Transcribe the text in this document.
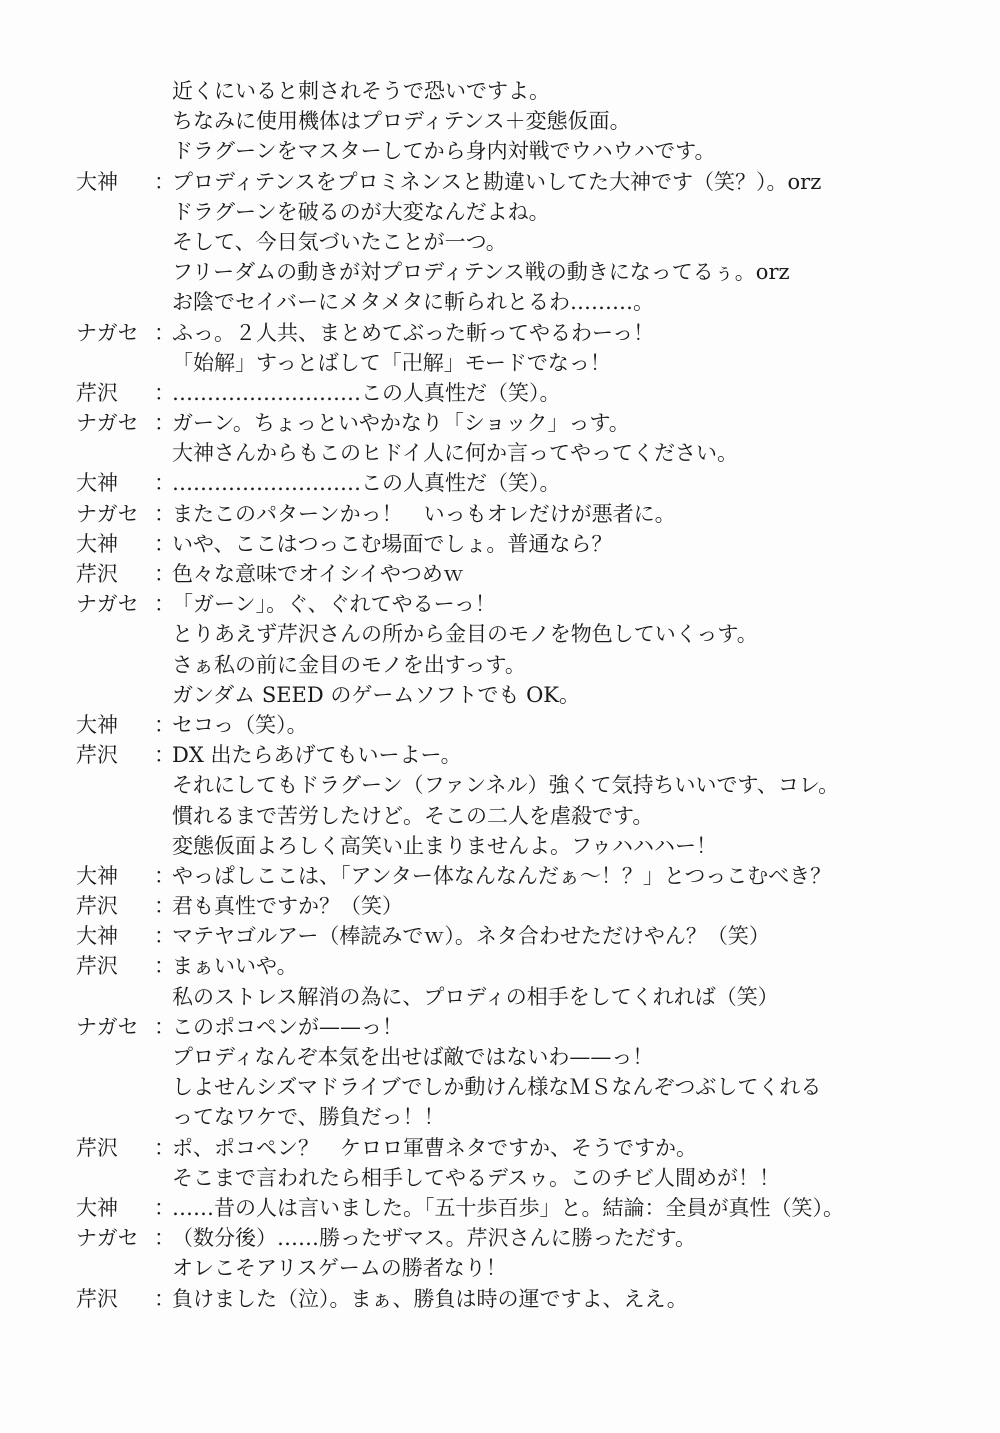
近くにいると刺されそうで恐いですよ。
ちなみに使用機体はプロディテンス＋変態仮面。
ドラグーンをマスターしてから身内対戦でウハウハです。
大神	：
プロディテンスをプロミネンスと勘違いしてた大神です（笑？）。orz
ドラグーンを破るのが大変なんだよね。
そして、今日気づいたことが一つ。
フリーダムの動きが対プロディテンス戦の動きになってるぅ。orz
お陰でセイバーにメタメタに斬られとるわ………。
ナガセ ：
ふっ。２人共、まとめてぶった斬ってやるわーっ！
「始解」すっとばして「卍解」モードでなっ！
芹沢	：
………………………この人真性だ（笑）。
ナガセ ：
ガーン。ちょっといやかなり「ショック」っす。
大神さんからもこのヒドイ人に何か言ってやってください。
大神	：
………………………この人真性だ（笑）。
ナガセ ：
またこのパターンかっ！　いっもオレだけが悪者に。
大神	：
いや、ここはつっこむ場面でしょ。普通なら？
芹沢	：
色々な意味でオイシイやつめｗ
ナガセ ：
「ガーン」。ぐ、ぐれてやるーっ！
とりあえず芹沢さんの所から金目のモノを物色していくっす。
さぁ私の前に金目のモノを出すっす。
ガンダム SEED のゲームソフトでも OK。
大神	：
セコっ（笑）。
芹沢	：
DX 出たらあげてもいーよー。
それにしてもドラグーン（ファンネル）強くて気持ちいいです、コレ。
慣れるまで苦労したけど。そこの二人を虐殺です。
変態仮面よろしく高笑い止まりませんよ。フゥハハハー！
大神	：
やっぱしここは、「アンター体なんなんだぁ〜！？」とつっこむべき？
芹沢	：
君も真性ですか？（笑）
大神	：
マテヤゴルアー（棒読みでｗ）。ネタ合わせただけやん？（笑）
芹沢	：
まぁいいや。
私のストレス解消の為に、プロディの相手をしてくれれば（笑）
ナガセ ：
このポコペンが——っ！
プロディなんぞ本気を出せば敵ではないわ——っ！
しよせんシズマドライブでしか動けん様なＭＳなんぞつぶしてくれる
ってなワケで、勝負だっ！！
芹沢	：
ポ、ポコペン？　ケロロ軍曹ネタですか、そうですか。
そこまで言われたら相手してやるデスゥ。このチビ人間めが！！
大神	：
……昔の人は言いました。「五十歩百歩」と。結論：全員が真性（笑）。
ナガセ ：
（数分後）……勝ったザマス。芹沢さんに勝っただす。
オレこそアリスゲームの勝者なり！
芹沢	：
負けました（泣）。まぁ、勝負は時の運ですよ、ええ。
